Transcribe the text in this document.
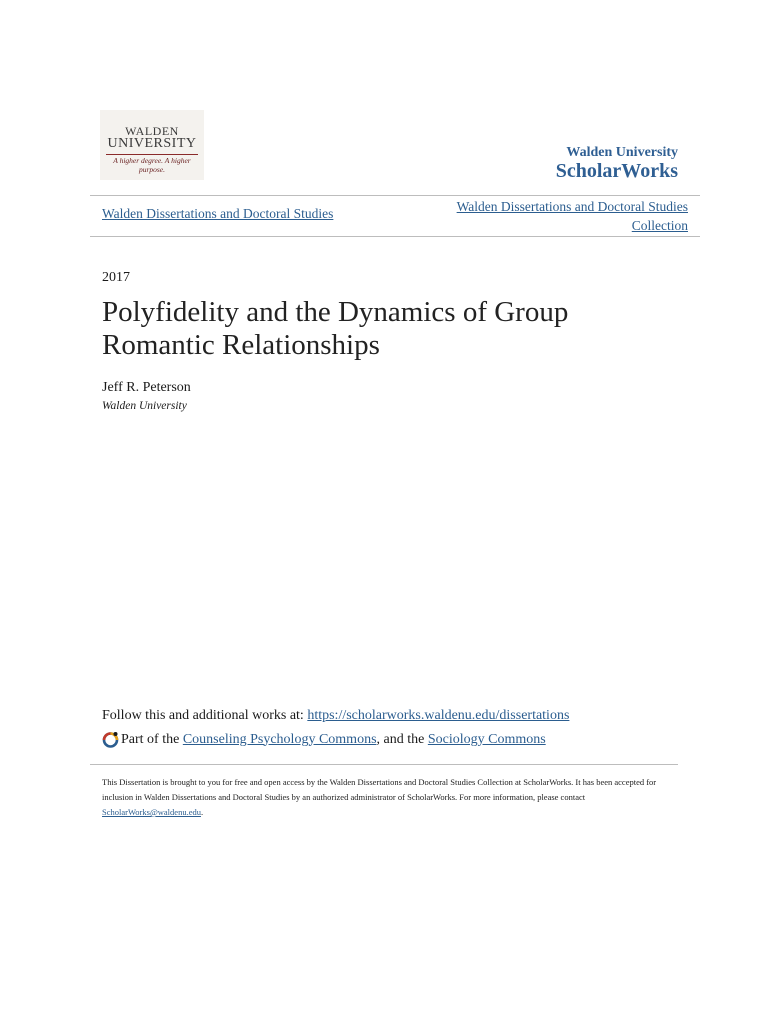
WALDEN
UNIVERSITY
A higher degree. A higher purpose.
Walden University
ScholarWorks
Walden Dissertations and Doctoral Studies	Walden Dissertations and Doctoral Studies
Collection
2017
Polyfidelity and the Dynamics of Group Romantic Relationships
Jeff R. Peterson
Walden University
Follow this and additional works at: https://scholarworks.waldenu.edu/dissertations
Part of the
Counseling Psychology Commons , and the Sociology Commons
This Dissertation is brought to you for free and open access by the Walden Dissertations and Doctoral Studies Collection at ScholarWorks. It has been accepted for inclusion in Walden Dissertations and Doctoral Studies by an authorized administrator of ScholarWorks. For more information, please contact ScholarWorks@waldenu.edu.
